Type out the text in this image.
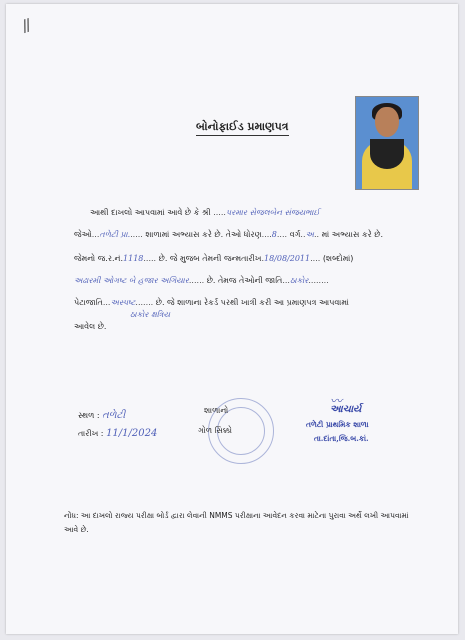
//
બોનોફાઈડ પ્રમાણપત્ર
આથી દાખલો આપવામાં આવે છે કે શ્રી .....પરમાર સેજલબેન સંજયભાઈ
જેઓ...તળેટી પ્રા...... શાળામાં અભ્યાસ કરે છે. તેઓ ધોરણ....8.... વર્ગ..અ.. માં અભ્યાસ કરે છે.
જેમનો જ.ર.નં.1118..... છે. જે મુજબ તેમની જન્મતારીખ.18/08/2011.... (શબ્દોમાં)
અઢારમી ઓગષ્ટ બે હજાર અગિયાર...... છે. તેમજ તેઓની જાતિ...ઠાકોર........
પેટાજાતિ...અસ્પષ્ટ....... છે. જે શાળાના રેકર્ડ પરથી ખાત્રી કરી આ પ્રમાણપત્ર આપવામાં
ઠાકોર ક્ષત્રિય
આવેલ છે.
સ્થળ : તળેટી
તારીખ : 11/1/2024
શાળાનો
ગોળ સિક્કો
〰
આચાર્ય
તળેટી પ્રાથમિક શાળા
તા.દાંતા,જિ.બ.કાં.
નોંધ: આ દાખલો રાજ્ય પરીક્ષા બોર્ડ દ્વારા લેવાની NMMS પરીક્ષાના આવેદન કરવા માટેના પુરાવા અર્થે લખી આપવામાં આવે છે.
